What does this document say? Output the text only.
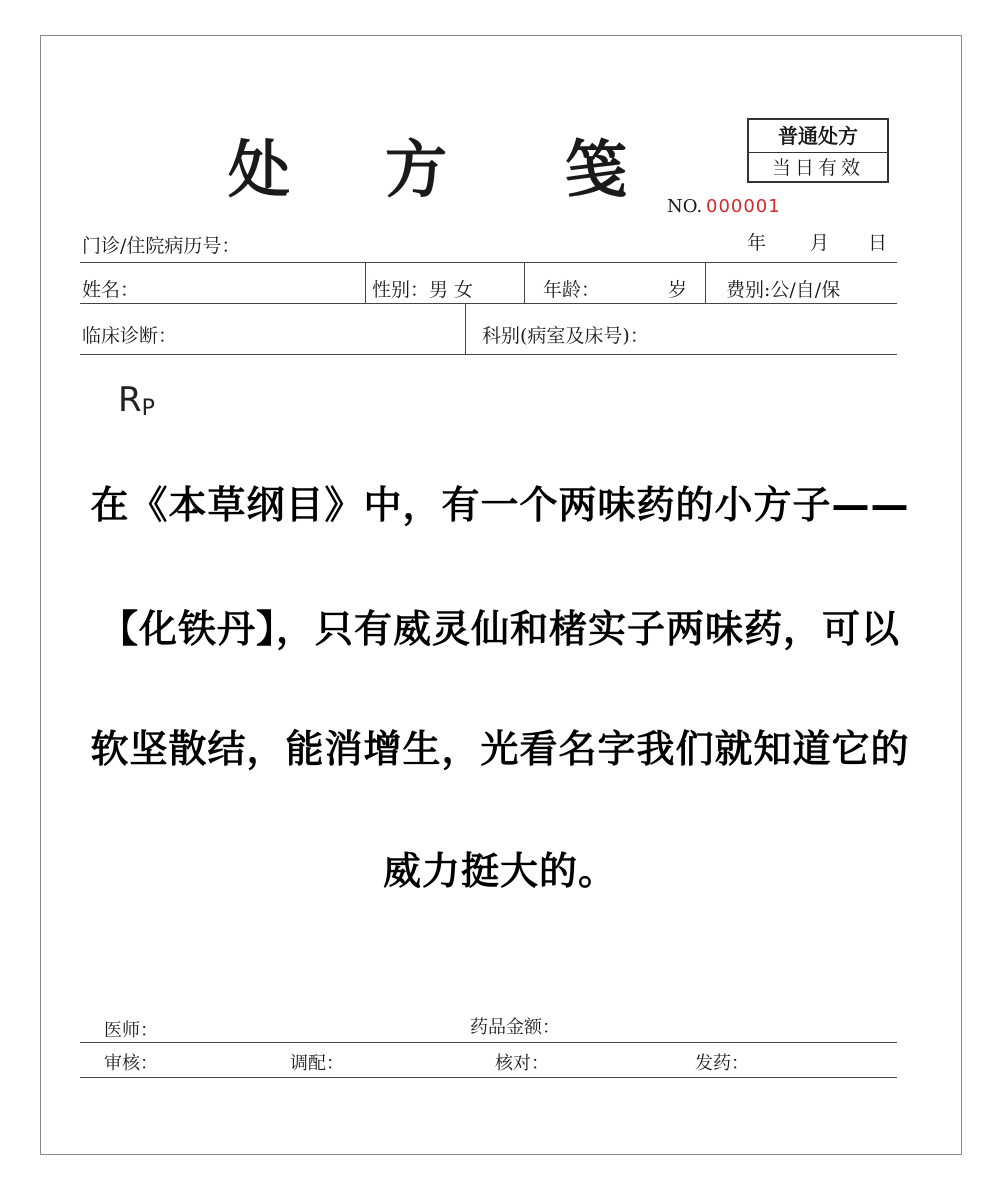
处 方 笺	普通处方
当日有效
NO. 000001
门诊/住院病历号：	年 月 日
姓名：	性别：男 女	年龄：	岁 费别:公/自/保
临床诊断：	科别(病室及床号)：
$R_P$
在《本草纲目》中，有一个两味药的小方子——
【化铁丹】，只有威灵仙和楮实子两味药，可以
软坚散结，能消增生，光看名字我们就知道它的
威力挺大的。
医师：	药品金额：
审核：	调配：	核对：	发药：
